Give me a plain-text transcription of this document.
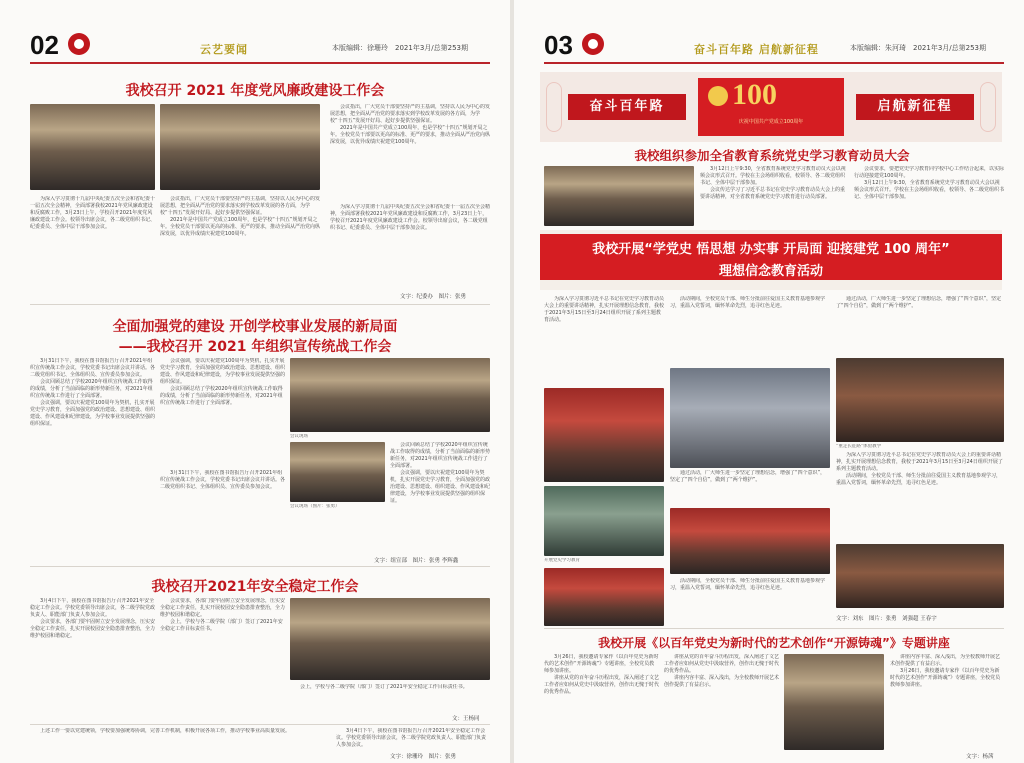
02	云艺要闻	本版编辑：徐珊玲　2021年3月/总第253期
我校召开 2021 年度党风廉政建设工作会

会议指出，广大党员干部要坚持严的主基调，坚持以人民为中心的发展思想，把全面从严治党的要求落实到学校改革发展的各方面，为学校“十四五”发展开好局、起好步提供坚强保证。

2021年是中国共产党成立100周年，也是学校“十四五”规划开局之年。全校党员干部要以更高的标准、更严的要求，推动全面从严治党向纵深发展，以优异成绩庆祝建党100周年。

为深入学习贯彻十九届中央纪委五次全会和省纪委十一届五次全会精神，全面部署我校2021年党风廉政建设和反腐败工作，3月23日上午，学校召开2021年度党风廉政建设工作会。校领导出席会议，各二级党组织书记、纪委委员、全体中层干部参加会议。

会议指出，广大党员干部要坚持严的主基调，坚持以人民为中心的发展思想，把全面从严治党的要求落实到学校改革发展的各方面，为学校“十四五”发展开好局、起好步提供坚强保证。

2021年是中国共产党成立100周年，也是学校“十四五”规划开局之年。全校党员干部要以更高的标准、更严的要求，推动全面从严治党向纵深发展，以优异成绩庆祝建党100周年。

为深入学习贯彻十九届中央纪委五次全会和省纪委十一届五次全会精神，全面部署我校2021年党风廉政建设和反腐败工作，3月23日上午，学校召开2021年度党风廉政建设工作会。校领导出席会议，各二级党组织书记、纪委委员、全体中层干部参加会议。

文字：纪委办　图片：张勇
全面加强党的建设 开创学校事业发展的新局面
——我校召开 2021 年组织宣传统战工作会

3月31日下午，我校在图书馆报告厅召开2021年组织宣传统战工作会议，学校党委书记出席会议并讲话。各二级党组织书记、全体组织员、宣传委员参加会议。

会议回顾总结了学校2020年组织宣传统战工作取得的成绩，分析了当前面临的新形势新任务，对2021年组织宣传统战工作进行了全面部署。

会议强调，要以庆祝建党100周年为契机，扎实开展党史学习教育，全面加强党的政治建设、思想建设、组织建设、作风建设和纪律建设，为学校事业发展提供坚强的组织保证。

会议强调，要以庆祝建党100周年为契机，扎实开展党史学习教育，全面加强党的政治建设、思想建设、组织建设、作风建设和纪律建设，为学校事业发展提供坚强的组织保证。

会议回顾总结了学校2020年组织宣传统战工作取得的成绩，分析了当前面临的新形势新任务，对2021年组织宣传统战工作进行了全面部署。

会议现场

3月31日下午，我校在图书馆报告厅召开2021年组织宣传统战工作会议，学校党委书记出席会议并讲话。各二级党组织书记、全体组织员、宣传委员参加会议。

会议回顾总结了学校2020年组织宣传统战工作取得的成绩，分析了当前面临的新形势新任务，对2021年组织宣传统战工作进行了全面部署。

会议强调，要以庆祝建党100周年为契机，扎实开展党史学习教育，全面加强党的政治建设、思想建设、组织建设、作风建设和纪律建设，为学校事业发展提供坚强的组织保证。

会议现场（图片：张勇）
文字：组宣部　图片：张勇 李辉鑫
我校召开2021年安全稳定工作会

3月4日下午，我校在图书馆报告厅召开2021年安全稳定工作会议。学校党委领导出席会议，各二级学院党政负责人、职能部门负责人参加会议。

会议要求，各部门要牢固树立安全发展理念，压实安全稳定工作责任，扎实开展校园安全隐患排查整治，全力维护校园和谐稳定。

会议要求，各部门要牢固树立安全发展理念，压实安全稳定工作责任，扎实开展校园安全隐患排查整治，全力维护校园和谐稳定。

会上，学校与各二级学院（部门）签订了2021年安全稳定工作目标责任书。

会上，学校与各二级学院（部门）签订了2021年安全稳定工作目标责任书。

文：王杨同

上述工作一要以党建统领，学校要加强统筹协调，完善工作机制，积极开展各项工作，推动学校事业高质量发展。	3月4日下午，我校在图书馆报告厅召开2021年安全稳定工作会议。学校党委领导出席会议，各二级学院党政负责人、职能部门负责人参加会议。

文字：徐珊玲　图片：张勇
03	奋斗百年路 启航新征程	本版编辑：朱河琦　2021年3月/总第253期
奋斗百年路	100
庆祝中国共产党成立100周年
启航新征程
我校组织参加全省教育系统党史学习教育动员大会

3月12日上午9:30，全省教育系统党史学习教育动员大会以视频会议形式召开。学校在主会场组织收看，校领导、各二级党组织书记、全体中层干部参加。

会议传达学习了习近平总书记在党史学习教育动员大会上的重要讲话精神，对全省教育系统党史学习教育进行动员部署。

会议要求，要把党史学习教育同学校中心工作结合起来，以实际行动迎接建党100周年。

3月12日上午9:30，全省教育系统党史学习教育动员大会以视频会议形式召开。学校在主会场组织收看，校领导、各二级党组织书记、全体中层干部参加。

我校开展“学党史 悟思想 办实事 开局面 迎接建党 100 周年”
理想信念教育活动

为深入学习贯彻习近平总书记在党史学习教育动员大会上的重要讲话精神，扎实开展理想信念教育，我校于2021年3月15日至3月24日组织开展了系列主题教育活动。

活动期间，全校党员干部、师生分批前往爱国主义教育基地参观学习，重温入党誓词，缅怀革命先烈，追寻红色足迹。

通过活动，广大师生进一步坚定了理想信念，增强了“四个意识”，坚定了“四个自信”，做到了“两个维护”。

“重走长征路”体验教学

通过活动，广大师生进一步坚定了理想信念，增强了“四个意识”，坚定了“四个自信”，做到了“两个维护”。

为深入学习贯彻习近平总书记在党史学习教育动员大会上的重要讲话精神，扎实开展理想信念教育，我校于2021年3月15日至3月24日组织开展了系列主题教育活动。

活动期间，全校党员干部、师生分批前往爱国主义教育基地参观学习，重温入党誓词，缅怀革命先烈，追寻红色足迹。

开展党史学习教育

活动期间，全校党员干部、师生分批前往爱国主义教育基地参观学习，重温入党誓词，缅怀革命先烈，追寻红色足迹。

文字：刘东　图片：张勇　刘强超 王春宇
我校开展《以百年党史为新时代的艺术创作“开源铸魂”》专题讲座

3月26日，我校邀请专家作《以百年党史为新时代的艺术创作“开源铸魂”》专题讲座，全校党员教师参加讲座。

讲座从党的百年奋斗历程出发，深入阐述了文艺工作者应如何从党史中汲取营养，创作出无愧于时代的优秀作品。

讲座从党的百年奋斗历程出发，深入阐述了文艺工作者应如何从党史中汲取营养，创作出无愧于时代的优秀作品。

讲座内容丰富、深入浅出，为全校教师开展艺术创作提供了有益启示。

讲座内容丰富、深入浅出，为全校教师开展艺术创作提供了有益启示。

3月26日，我校邀请专家作《以百年党史为新时代的艺术创作“开源铸魂”》专题讲座，全校党员教师参加讲座。

文字：杨茜
